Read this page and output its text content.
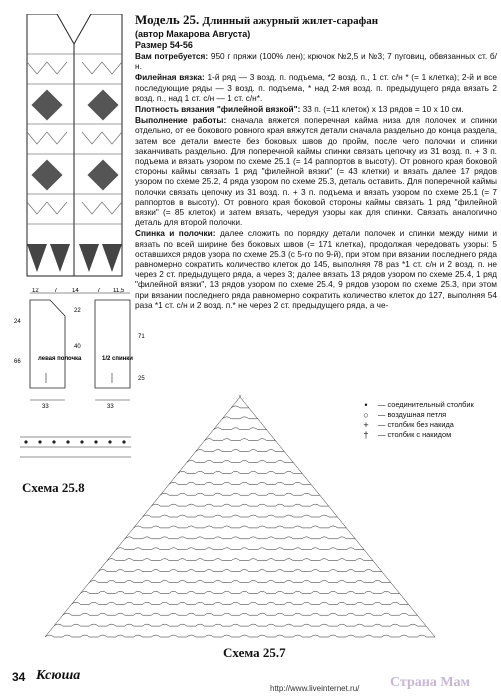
Модель 25. Длинный ажурный жилет-сарафан
(автор Макарова Августа)
Размер 54-56

Вам потребуется: 950 г пряжи (100% лен); крючок №2,5 и №3; 7 пуговиц, обвязанных ст. б/н.

Филейная вязка: 1-й ряд — 3 возд. п. подъема, *2 возд. п., 1 ст. с/н * (= 1 клетка); 2-й и все последующие ряды — 3 возд. п. подъема, * над 2-мя возд. п. предыдущего ряда вязать 2 возд. п., над 1 ст. с/н — 1 ст. с/н*.

Плотность вязания "филейной вязкой": 33 п. (=11 клеток) х 13 рядов = 10 х 10 см.

Выполнение работы: сначала вяжется поперечная кайма низа для полочек и спинки отдельно, от ее бокового ровного края вяжутся детали сначала раздельно до конца раздела, затем все детали вместе без боковых швов до пройм, после чего полочки и спинки заканчивать раздельно. Для поперечной каймы спинки связать цепочку из 31 возд. п. + 3 п. подъема и вязать узором по схеме 25.1 (= 14 раппортов в высоту). От ровного края боковой стороны каймы связать 1 ряд "филейной вязки" (= 43 клетки) и вязать далее 17 рядов узором по схеме 25.2, 4 ряда узором по схеме 25.3, деталь оставить. Для поперечной каймы полочки связать цепочку из 31 возд. п. + 3 п. подъема и вязать узором по схеме 25.1 (= 7 раппортов в высоту). От ровного края боковой стороны каймы связать 1 ряд "филейной вязки" (= 85 клеток) и затем вязать, чередуя узоры как для спинки. Связать аналогично деталь для второй полочки.

Спинка и полочки: далее сложить по порядку детали полочек и спинки между ними и вязать по всей ширине без боковых швов (= 171 клетка), продолжая чередовать узоры: 5 оставшихся рядов узора по схеме 25.3 (с 5-го по 9-й), при этом при вязании последнего ряда равномерно сократить количество клеток до 145, выполняя 78 раз *1 ст. с/н и 2 возд. п. не через 2 ст. предыдущего ряда, а через 3; далее вязать 13 рядов узором по схеме 25.4, 1 ряд "филейной вязки", 13 рядов узором по схеме 25.4, 9 рядов узором по схеме 25.3, при этом при вязании последнего ряда равномерно сократить количество клеток до 127, выполняя 54 раза *1 ст. с/н и 2 возд. п.* не через 2 ст. предыдущего ряда, а че-

12	7 14	7 11,5
24
66
71
25
22
40
левая полочка	1/2 спинки
33	33
Схема 25.8
•	— соединительный столбик
○	— воздушная петля
+	— столбик без накида
†	— столбик с накидом
Схема 25.7
34 Ксюша
http://www.liveinternet.ru/ Страна Мам
